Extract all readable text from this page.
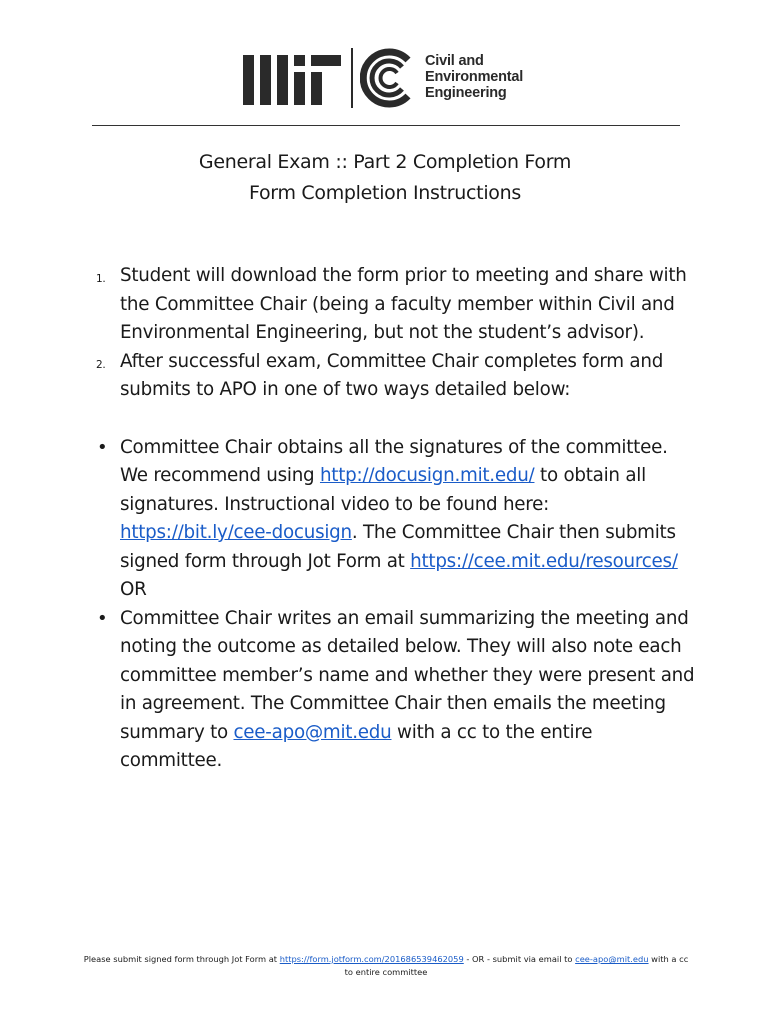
Civil and
Environmental
Engineering
General Exam :: Part 2 Completion Form
Form Completion Instructions
1. Student will download the form prior to meeting and share with the Committee Chair (being a faculty member within Civil and Environmental Engineering, but not the student’s advisor).
2. After successful exam, Committee Chair completes form and submits to APO in one of two ways detailed below:
• Committee Chair obtains all the signatures of the committee. We recommend using http://docusign.mit.edu/ to obtain all signatures. Instructional video to be found here: https://bit.ly/cee-docusign. The Committee Chair then submits signed form through Jot Form at https://cee.mit.edu/resources/
OR
• Committee Chair writes an email summarizing the meeting and noting the outcome as detailed below. They will also note each committee member’s name and whether they were present and in agreement. The Committee Chair then emails the meeting summary to cee-apo@mit.edu with a cc to the entire committee.
Please submit signed form through Jot Form at https://form.jotform.com/201686539462059 - OR - submit via email to cee-apo@mit.edu with a cc to entire committee
